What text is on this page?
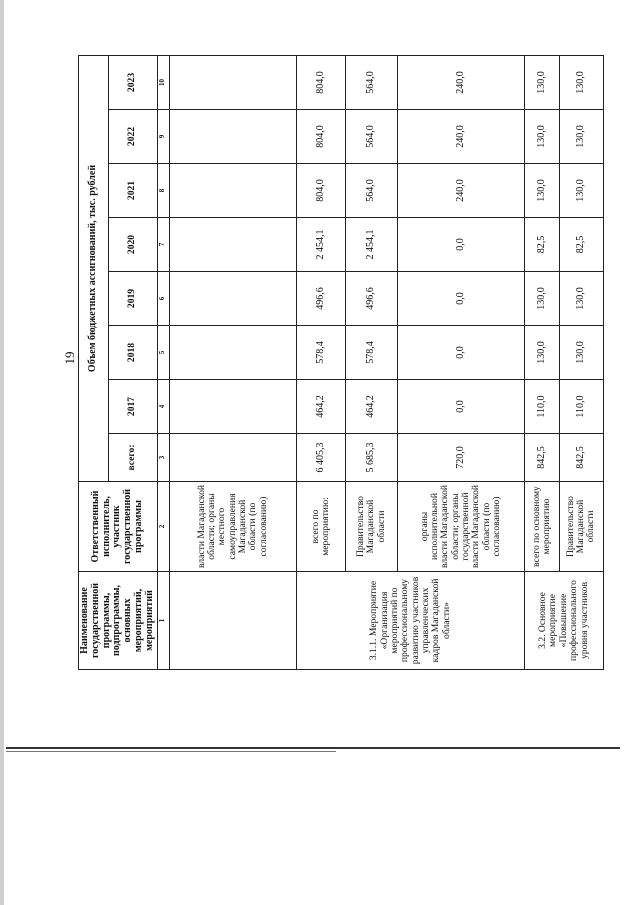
19
Наименование государственной программы, подпрограммы, основных мероприятий, мероприятий	Ответственный исполнитель, участник государственной программы	Объем бюджетных ассигнований, тыс. рублей							
		всего:	2017	2018	2019	2020	2021	2022	2023
1	2	3	4	5	6	7	8	9	10
	власти Магаданской области; органы местного самоуправления Магаданской области (по согласованию)								
3.1.1. Мероприятие «Организация мероприятий по профессиональному развитию участников управленческих кадров Магаданской области»	всего по мероприятию:	6 405,3	464,2	578,4	496,6	2 454,1	804,0	804,0	804,0
	Правительство Магаданской области	5 685,3	464,2	578,4	496,6	2 454,1	564,0	564,0	564,0
	органы исполнительной власти Магаданской области; органы государственной власти Магаданской области (по согласованию)	720,0	0,0	0,0	0,0	0,0	240,0	240,0	240,0
3.2. Основное мероприятие «Повышение профессионального уровня участников	всего по основному мероприятию	842,5	110,0	130,0	130,0	82,5	130,0	130,0	130,0
	Правительство Магаданской области	842,5	110,0	130,0	130,0	82,5	130,0	130,0	130,0
